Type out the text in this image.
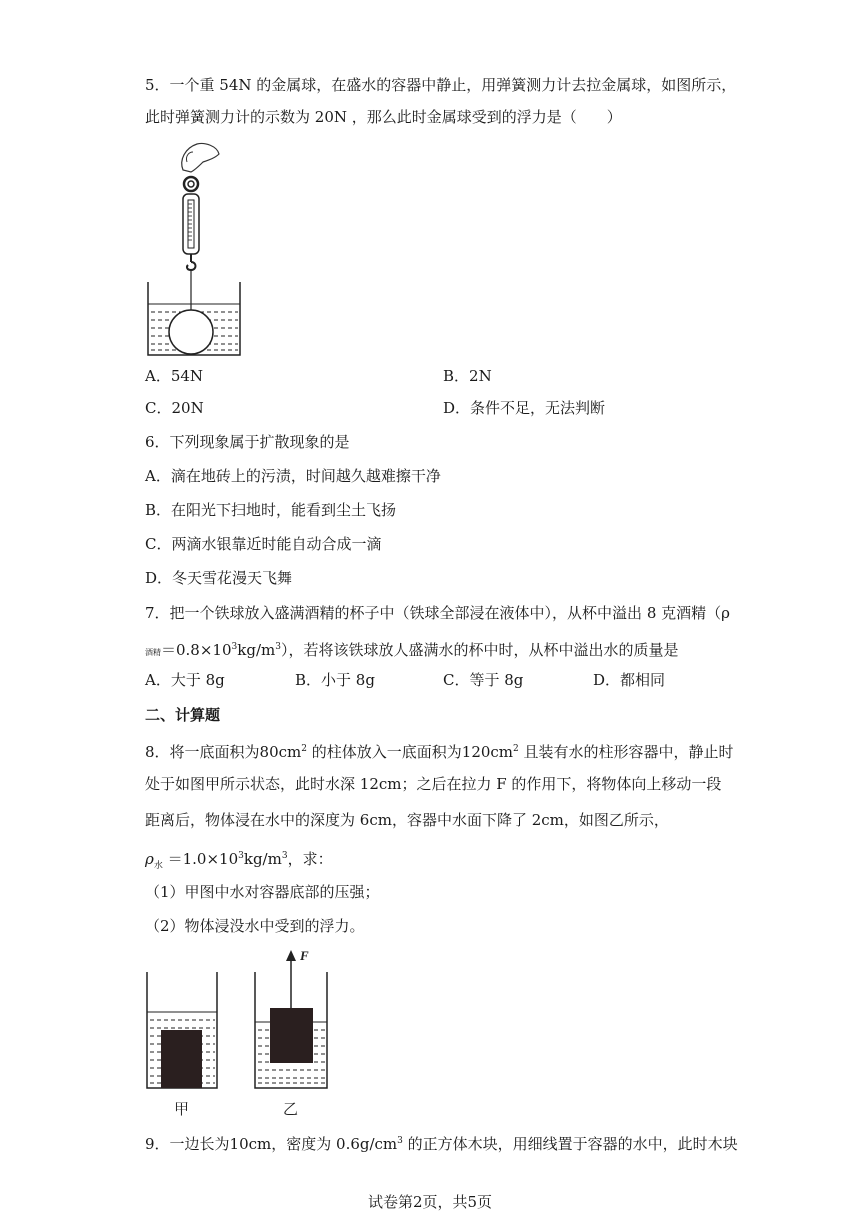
5．一个重 54N 的金属球，在盛水的容器中静止，用弹簧测力计去拉金属球，如图所示，
此时弹簧测力计的示数为 20N ，那么此时金属球受到的浮力是（　　）
A．54N	B．2N
C．20N	D．条件不足，无法判断
6．下列现象属于扩散现象的是
A．滴在地砖上的污渍，时间越久越难擦干净
B．在阳光下扫地时，能看到尘土飞扬
C．两滴水银靠近时能自动合成一滴
D．冬天雪花漫天飞舞
7．把一个铁球放入盛满酒精的杯子中（铁球全部浸在液体中），从杯中溢出 8 克酒精（ρ
酒精$=0.8\times 10^3kg/m^3$），若将该铁球放人盛满水的杯中时，从杯中溢出水的质量是
A．大于 8g	B．小于 8g	C．等于 8g	D．都相同
二、计算题
8．将一底面积为$80cm^2$ 的柱体放入一底面积为$120cm^2$ 且装有水的柱形容器中，静止时
处于如图甲所示状态，此时水深 12cm；之后在拉力 F 的作用下，将物体向上移动一段
距离后，物体浸在水中的深度为 6cm，容器中水面下降了 2cm，如图乙所示，
$\rho_水 =1.0\times 10^3kg/m^3$，求：
（1）甲图中水对容器底部的压强；
（2）物体浸没水中受到的浮力。
F
甲	乙
9．一边长为10cm，密度为 $0.6g/cm^3$ 的正方体木块，用细线置于容器的水中，此时木块
试卷第2页，共5页
